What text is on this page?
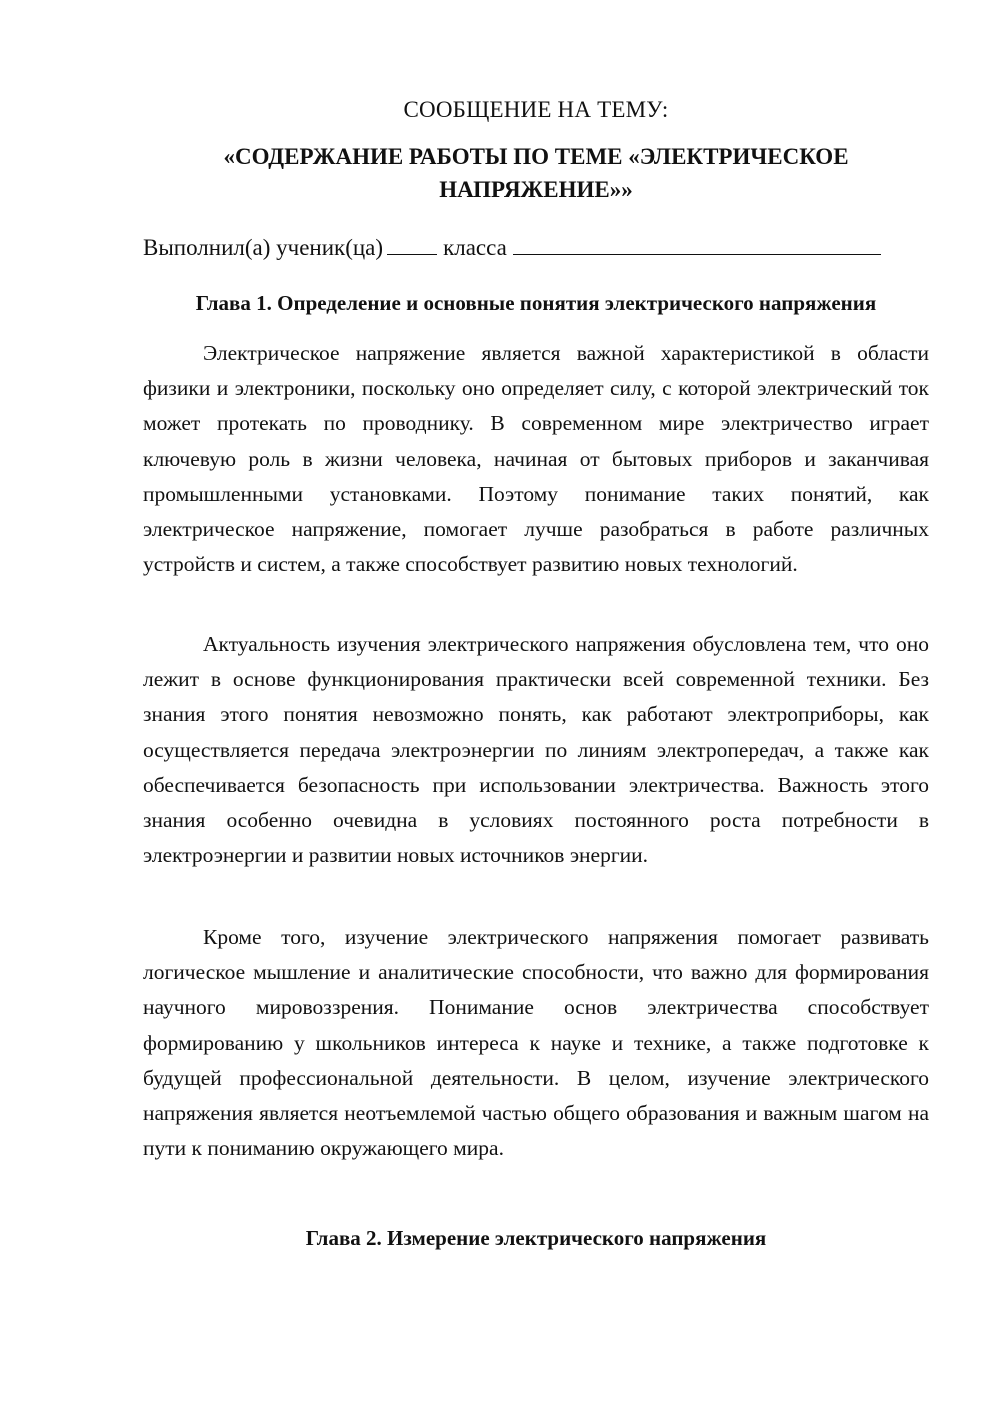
СООБЩЕНИЕ НА ТЕМУ:
«СОДЕРЖАНИЕ РАБОТЫ ПО ТЕМЕ «ЭЛЕКТРИЧЕСКОЕ НАПРЯЖЕНИЕ»»
Выполнил(а) ученик(ца)	класса
Глава 1. Определение и основные понятия электрического напряжения

Электрическое напряжение является важной характеристикой в области физики и электроники, поскольку оно определяет силу, с которой электрический ток может протекать по проводнику. В современном мире электричество играет ключевую роль в жизни человека, начиная от бытовых приборов и заканчивая промышленными установками. Поэтому понимание таких понятий, как электрическое напряжение, помогает лучше разобраться в работе различных устройств и систем, а также способствует развитию новых технологий.

Актуальность изучения электрического напряжения обусловлена тем, что оно лежит в основе функционирования практически всей современной техники. Без знания этого понятия невозможно понять, как работают электроприборы, как осуществляется передача электроэнергии по линиям электропередач, а также как обеспечивается безопасность при использовании электричества. Важность этого знания особенно очевидна в условиях постоянного роста потребности в электроэнергии и развитии новых источников энергии.

Кроме того, изучение электрического напряжения помогает развивать логическое мышление и аналитические способности, что важно для формирования научного мировоззрения. Понимание основ электричества способствует формированию у школьников интереса к науке и технике, а также подготовке к будущей профессиональной деятельности. В целом, изучение электрического напряжения является неотъемлемой частью общего образования и важным шагом на пути к пониманию окружающего мира.

Глава 2. Измерение электрического напряжения
